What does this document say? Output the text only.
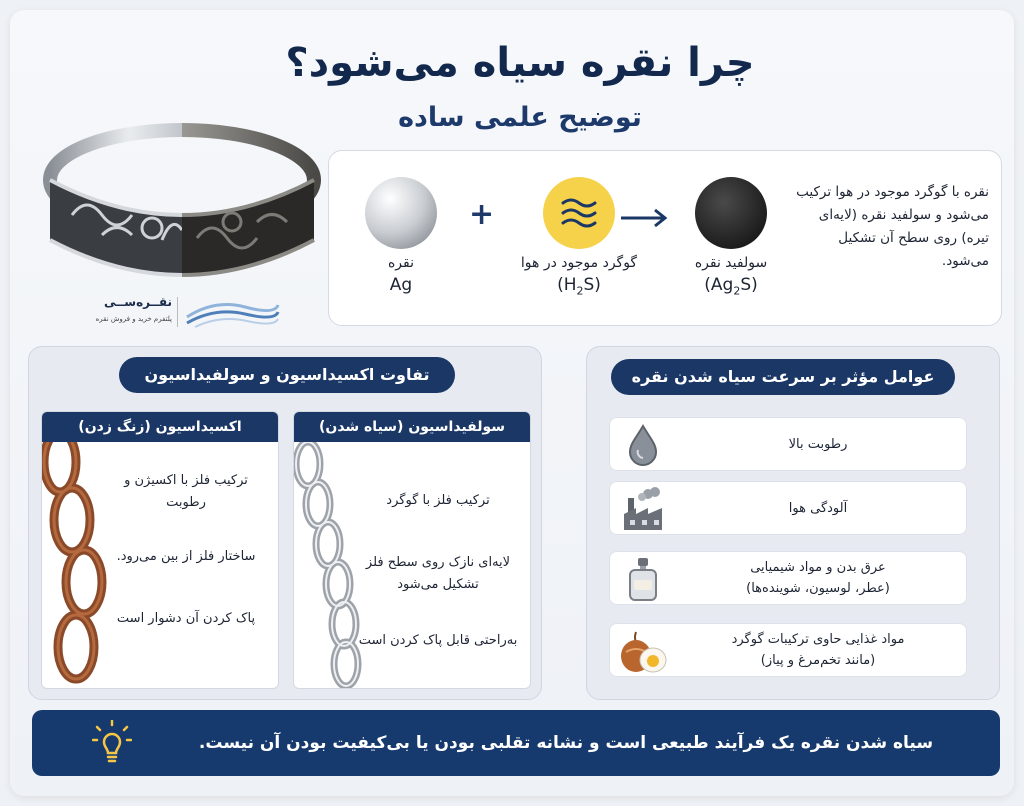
چرا نقره سیاه می‌شود؟
توضیح علمی ساده
نقــره‌ســی
پلتفرم خرید و فروش نقره
نقره
Ag
+
گوگرد موجود در هوا
$(H_2S)$
سولفید نقره
$(Ag_2S)$
نقره با گوگرد موجود در هوا ترکیب می‌شود و سولفید نقره (لایه‌ای تیره) روی سطح آن تشکیل می‌شود.
تفاوت اکسیداسیون و سولفیداسیون
اکسیداسیون (زنگ زدن)
ترکیب فلز با اکسیژن و رطوبت
ساختار فلز از بین می‌رود.
پاک کردن آن دشوار است
سولفیداسیون (سیاه شدن)
ترکیب فلز با گوگرد
لایه‌ای نازک روی سطح فلز تشکیل می‌شود
به‌راحتی قابل پاک کردن است
عوامل مؤثر بر سرعت سیاه شدن نقره
رطوبت بالا
آلودگی هوا
عرق بدن و مواد شیمیایی
(عطر، لوسیون، شوینده‌ها)
مواد غذایی حاوی ترکیبات گوگرد
(مانند تخم‌مرغ و پیاز)
سیاه شدن نقره یک فرآیند طبیعی است و نشانه تقلبی بودن یا بی‌کیفیت بودن آن نیست.
